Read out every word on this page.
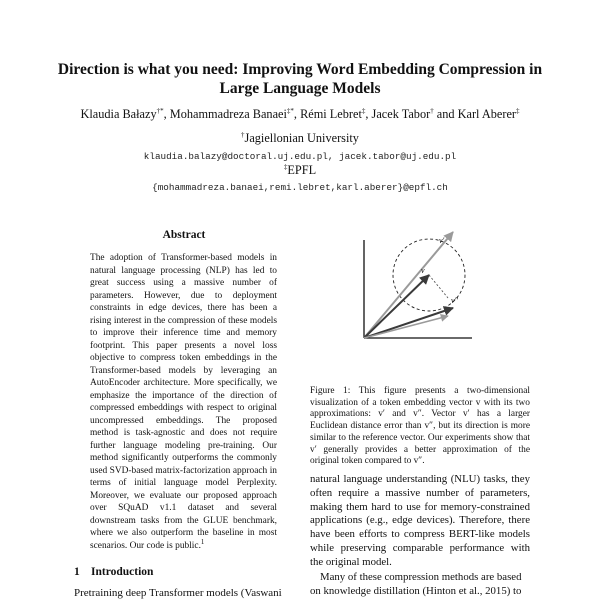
Direction is what you need: Improving Word Embedding Compression in
Large Language Models

Klaudia Bałazy†*, Mohammadreza Banaei‡*, Rémi Lebret‡, Jacek Tabor† and Karl Aberer‡

†Jagiellonian University

klaudia.balazy@doctoral.uj.edu.pl, jacek.tabor@uj.edu.pl

‡EPFL

{mohammadreza.banaei,remi.lebret,karl.aberer}@epfl.ch

Abstract

The adoption of Transformer-based models in natural language processing (NLP) has led to great success using a massive number of parameters. However, due to deployment constraints in edge devices, there has been a rising interest in the compression of these models to improve their inference time and memory footprint. This paper presents a novel loss objective to compress token embeddings in the Transformer-based models by leveraging an AutoEncoder architecture. More specifically, we emphasize the importance of the direction of compressed embeddings with respect to original uncompressed embeddings. The proposed method is task-agnostic and does not require further language modeling pre-training. Our method significantly outperforms the commonly used SVD-based matrix-factorization approach in terms of initial language model Perplexity. Moreover, we evaluate our proposed approach over SQuAD v1.1 dataset and several downstream tasks from the GLUE benchmark, where we also outperform the baseline in most scenarios. Our code is public.$^1$

1 Introduction

Pretraining deep Transformer models (Vaswani

v
v′
v″

Figure 1: This figure presents a two-dimensional visualization of a token embedding vector v with its two approximations: v′ and v″. Vector v′ has a larger Euclidean distance error than v″, but its direction is more similar to the reference vector. Our experiments show that v′ generally provides a better approximation of the original token compared to v″.

natural language understanding (NLU) tasks, they often require a massive number of parameters, making them hard to use for memory-constrained applications (e.g., edge devices). Therefore, there have been efforts to compress BERT-like models while preserving comparable performance with the original model.

Many of these compression methods are based on knowledge distillation (Hinton et al., 2015) to
